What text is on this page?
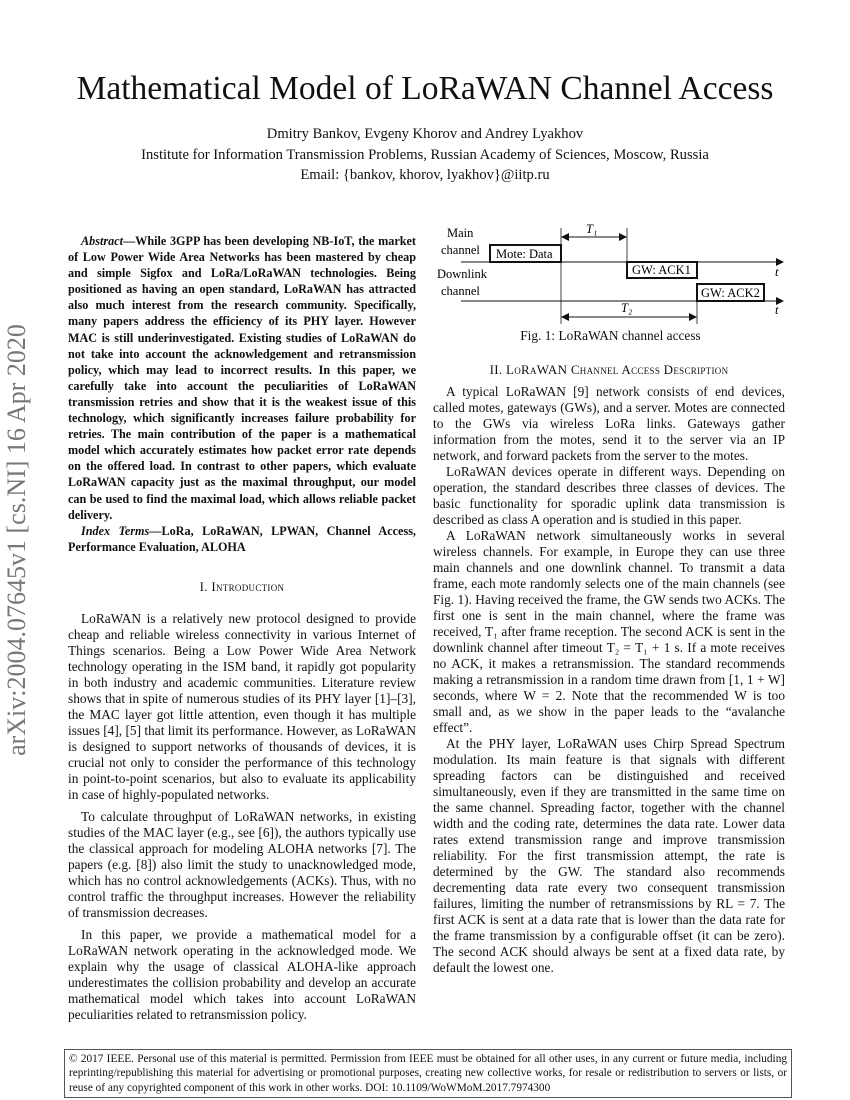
arXiv:2004.07645v1 [cs.NI] 16 Apr 2020
Mathematical Model of LoRaWAN Channel Access
Dmitry Bankov, Evgeny Khorov and Andrey Lyakhov
Institute for Information Transmission Problems, Russian Academy of Sciences, Moscow, Russia
Email: {bankov, khorov, lyakhov}@iitp.ru

Abstract—While 3GPP has been developing NB-IoT, the market of Low Power Wide Area Networks has been mastered by cheap and simple Sigfox and LoRa/LoRaWAN technologies. Being positioned as having an open standard, LoRaWAN has attracted also much interest from the research community. Specifically, many papers address the efficiency of its PHY layer. However MAC is still underinvestigated. Existing studies of LoRaWAN do not take into account the acknowledgement and retransmission policy, which may lead to incorrect results. In this paper, we carefully take into account the peculiarities of LoRaWAN transmission retries and show that it is the weakest issue of this technology, which significantly increases failure probability for retries. The main contribution of the paper is a mathematical model which accurately estimates how packet error rate depends on the offered load. In contrast to other papers, which evaluate LoRaWAN capacity just as the maximal throughput, our model can be used to find the maximal load, which allows reliable packet delivery.

Index Terms—LoRa, LoRaWAN, LPWAN, Channel Access, Performance Evaluation, ALOHA

I. Introduction

LoRaWAN is a relatively new protocol designed to provide cheap and reliable wireless connectivity in various Internet of Things scenarios. Being a Low Power Wide Area Network technology operating in the ISM band, it rapidly got popularity in both industry and academic communities. Literature review shows that in spite of numerous studies of its PHY layer [1]–[3], the MAC layer got little attention, even though it has multiple issues [4], [5] that limit its performance. However, as LoRaWAN is designed to support networks of thousands of devices, it is crucial not only to consider the performance of this technology in point-to-point scenarios, but also to evaluate its applicability in case of highly-populated networks.

To calculate throughput of LoRaWAN networks, in existing studies of the MAC layer (e.g., see [6]), the authors typically use the classical approach for modeling ALOHA networks [7]. The papers (e.g. [8]) also limit the study to unacknowledged mode, which has no control acknowledgements (ACKs). Thus, with no control traffic the throughput increases. However the reliability of transmission decreases.

In this paper, we provide a mathematical model for a LoRaWAN network operating in the acknowledged mode. We explain why the usage of classical ALOHA-like approach underestimates the collision probability and develop an accurate mathematical model which takes into account LoRaWAN peculiarities related to retransmission policy.

Main
channel
Downlink
channel
T₁
T₂
Mote: Data
GW: ACK1
GW: ACK2
t
t
Fig. 1: LoRaWAN channel access

II. LoRaWAN Channel Access Description

A typical LoRaWAN [9] network consists of end devices, called motes, gateways (GWs), and a server. Motes are connected to the GWs via wireless LoRa links. Gateways gather information from the motes, send it to the server via an IP network, and forward packets from the server to the motes.

LoRaWAN devices operate in different ways. Depending on operation, the standard describes three classes of devices. The basic functionality for sporadic uplink data transmission is described as class A operation and is studied in this paper.

A LoRaWAN network simultaneously works in several wireless channels. For example, in Europe they can use three main channels and one downlink channel. To transmit a data frame, each mote randomly selects one of the main channels (see Fig. 1). Having received the frame, the GW sends two ACKs. The first one is sent in the main channel, where the frame was received, T₁ after frame reception. The second ACK is sent in the downlink channel after timeout T₂ = T₁ + 1 s. If a mote receives no ACK, it makes a retransmission. The standard recommends making a retransmission in a random time drawn from [1, 1 + W] seconds, where W = 2. Note that the recommended W is too small and, as we show in the paper leads to the “avalanche effect”.

At the PHY layer, LoRaWAN uses Chirp Spread Spectrum modulation. Its main feature is that signals with different spreading factors can be distinguished and received simultaneously, even if they are transmitted in the same time on the same channel. Spreading factor, together with the channel width and the coding rate, determines the data rate. Lower data rates extend transmission range and improve transmission reliability. For the first transmission attempt, the rate is determined by the GW. The standard also recommends decrementing data rate every two consequent transmission failures, limiting the number of retransmissions by RL = 7. The first ACK is sent at a data rate that is lower than the data rate for the frame transmission by a configurable offset (it can be zero). The second ACK should always be sent at a fixed data rate, by default the lowest one.

© 2017 IEEE. Personal use of this material is permitted. Permission from IEEE must be obtained for all other uses, in any current or future media, including reprinting/republishing this material for advertising or promotional purposes, creating new collective works, for resale or redistribution to servers or lists, or reuse of any copyrighted component of this work in other works. DOI: 10.1109/WoWMoM.2017.7974300
